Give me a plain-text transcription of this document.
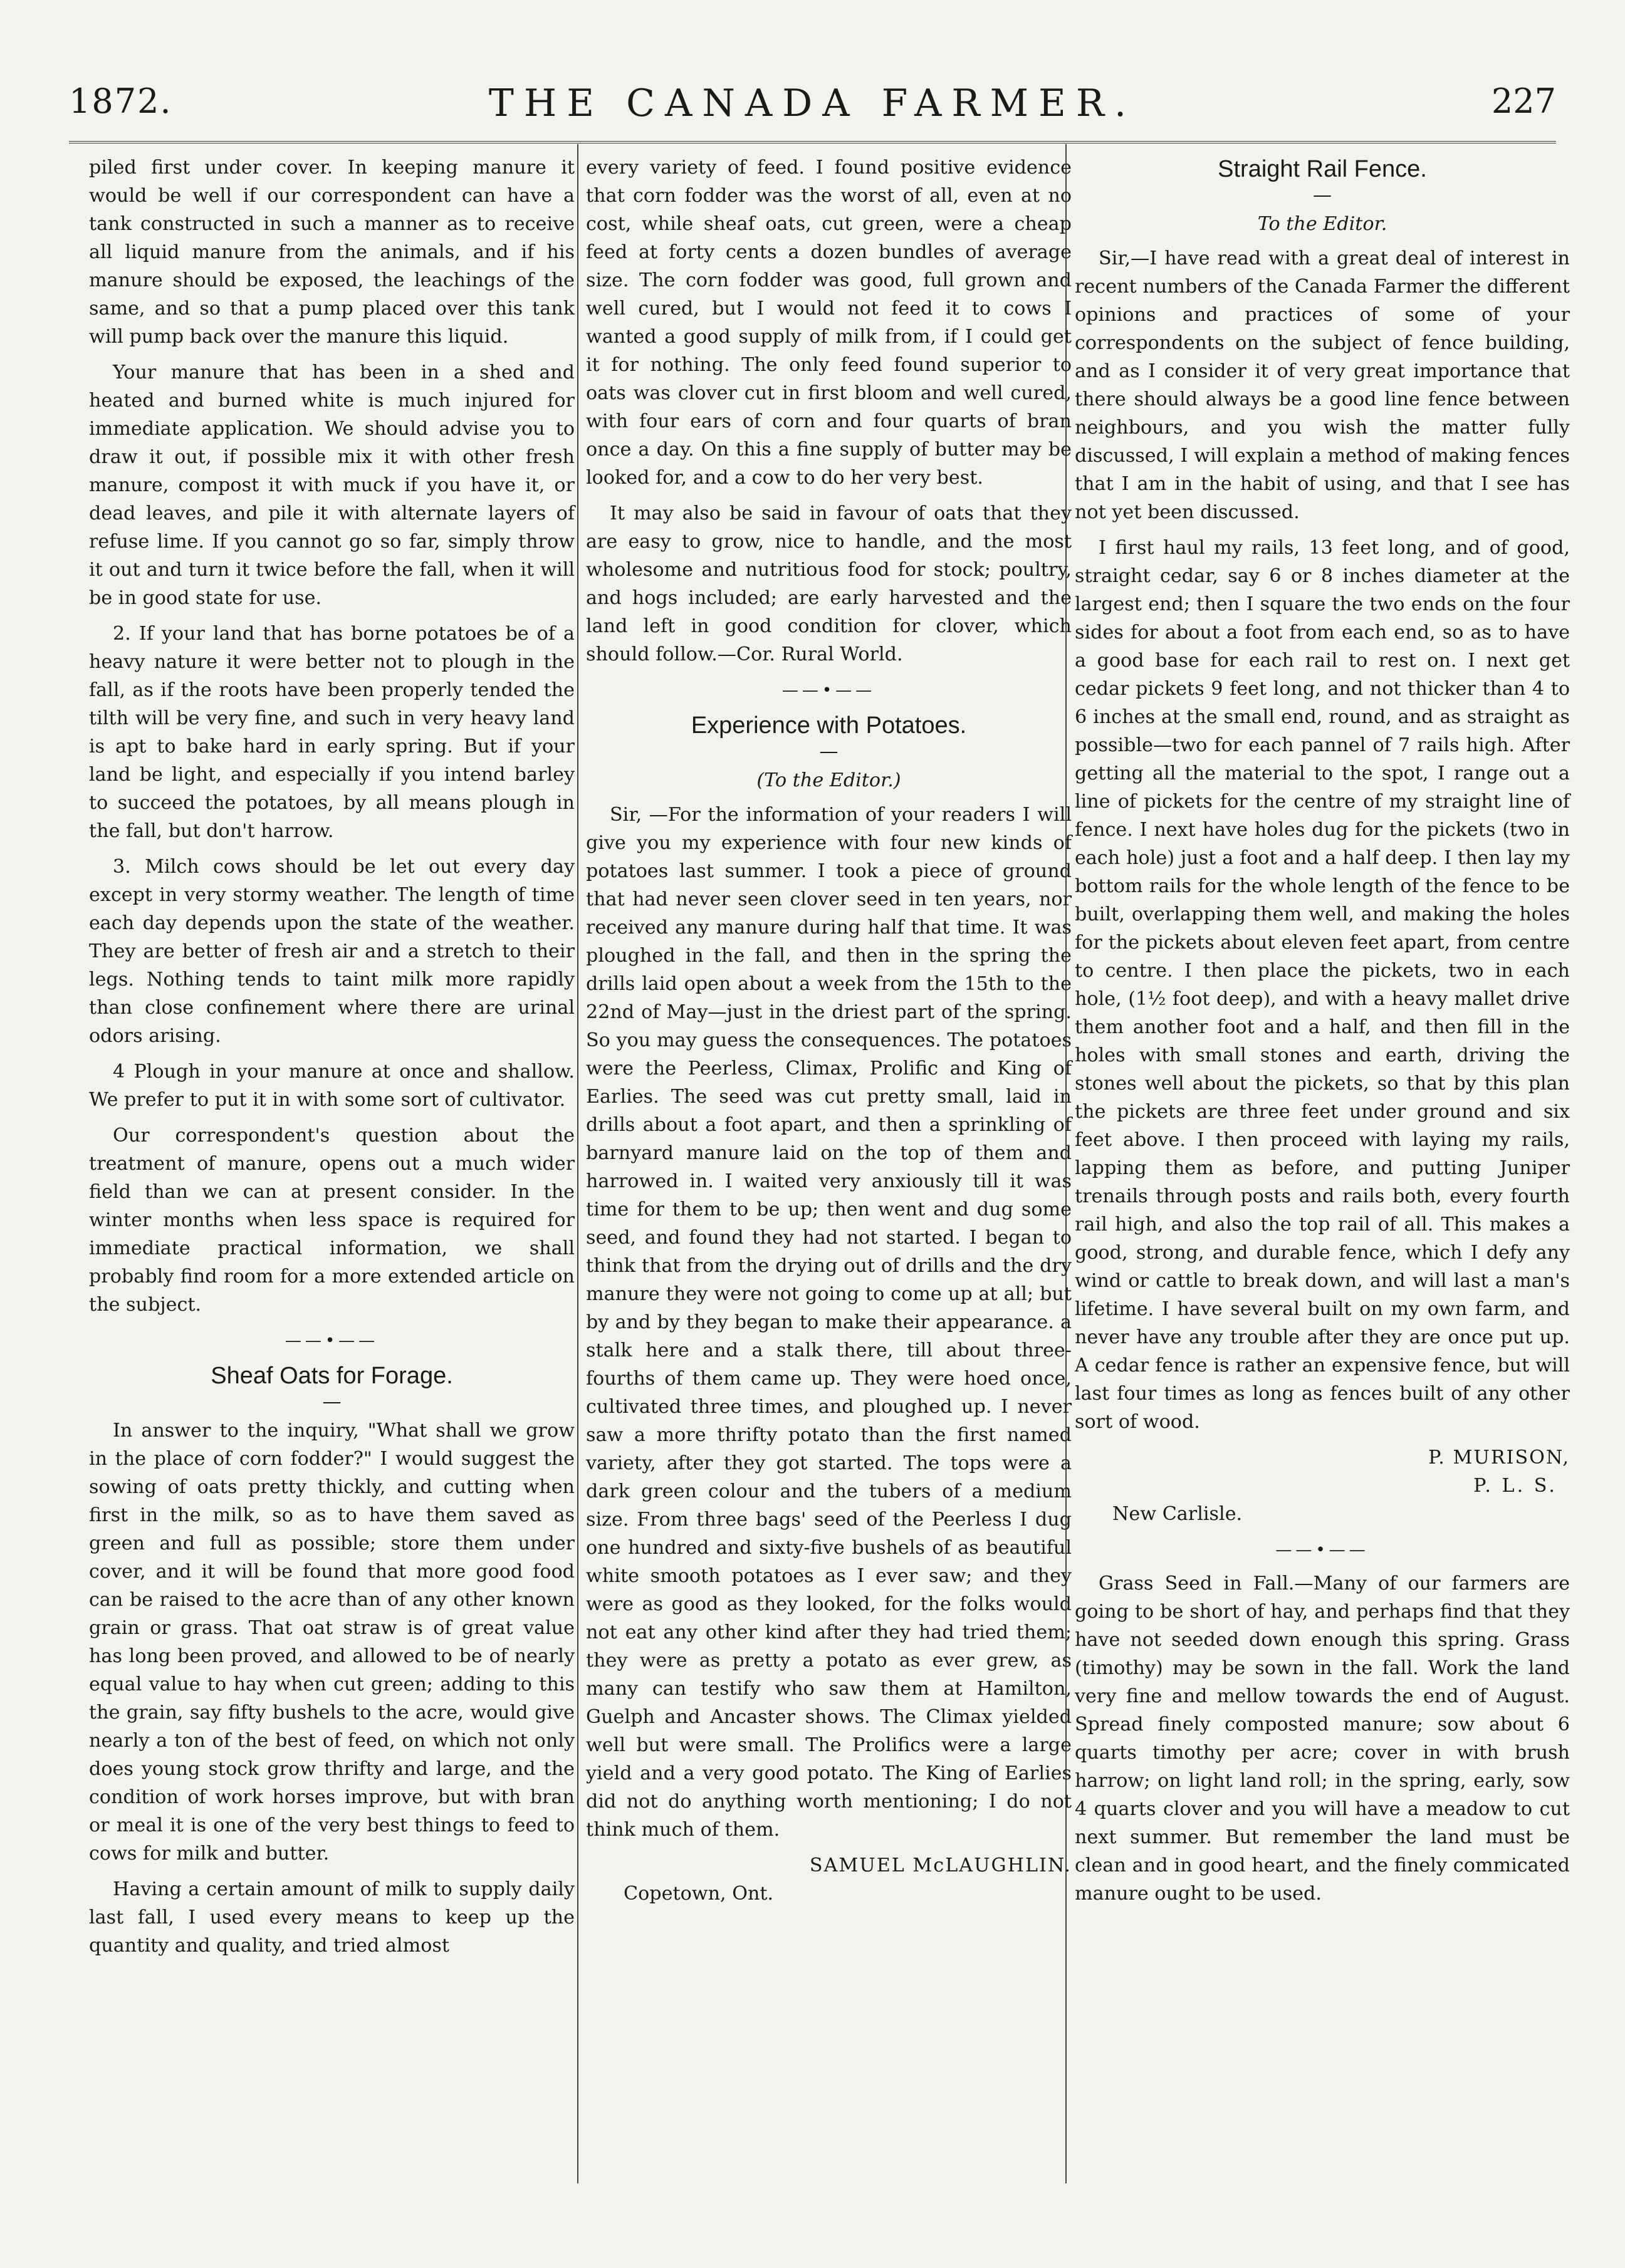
1872.	THE CANADA FARMER.	227

piled first under cover. In keeping manure it would be well if our correspondent can have a tank constructed in such a manner as to receive all liquid manure from the animals, and if his manure should be exposed, the leachings of the same, and so that a pump placed over this tank will pump back over the manure this liquid.

Your manure that has been in a shed and heated and burned white is much injured for immediate application. We should advise you to draw it out, if possible mix it with other fresh manure, compost it with muck if you have it, or dead leaves, and pile it with alternate layers of refuse lime. If you cannot go so far, simply throw it out and turn it twice before the fall, when it will be in good state for use.

2. If your land that has borne potatoes be of a heavy nature it were better not to plough in the fall, as if the roots have been properly tended the tilth will be very fine, and such in very heavy land is apt to bake hard in early spring. But if your land be light, and especially if you intend barley to succeed the potatoes, by all means plough in the fall, but don't harrow.

3. Milch cows should be let out every day except in very stormy weather. The length of time each day depends upon the state of the weather. They are better of fresh air and a stretch to their legs. Nothing tends to taint milk more rapidly than close confinement where there are urinal odors arising.

4 Plough in your manure at once and shallow. We prefer to put it in with some sort of cultivator.

Our correspondent's question about the treatment of manure, opens out a much wider field than we can at present consider. In the winter months when less space is required for immediate practical information, we shall probably find room for a more extended article on the subject.

——•——
Sheaf Oats for Forage.
—

In answer to the inquiry, "What shall we grow in the place of corn fodder?" I would suggest the sowing of oats pretty thickly, and cutting when first in the milk, so as to have them saved as green and full as possible; store them under cover, and it will be found that more good food can be raised to the acre than of any other known grain or grass. That oat straw is of great value has long been proved, and allowed to be of nearly equal value to hay when cut green; adding to this the grain, say fifty bushels to the acre, would give nearly a ton of the best of feed, on which not only does young stock grow thrifty and large, and the condition of work horses improve, but with bran or meal it is one of the very best things to feed to cows for milk and butter.

Having a certain amount of milk to supply daily last fall, I used every means to keep up the quantity and quality, and tried almost

every variety of feed. I found positive evidence that corn fodder was the worst of all, even at no cost, while sheaf oats, cut green, were a cheap feed at forty cents a dozen bundles of average size. The corn fodder was good, full grown and well cured, but I would not feed it to cows I wanted a good supply of milk from, if I could get it for nothing. The only feed found superior to oats was clover cut in first bloom and well cured, with four ears of corn and four quarts of bran once a day. On this a fine supply of butter may be looked for, and a cow to do her very best.

It may also be said in favour of oats that they are easy to grow, nice to handle, and the most wholesome and nutritious food for stock; poultry, and hogs included; are early harvested and the land left in good condition for clover, which should follow.—Cor. Rural World.

——•——
Experience with Potatoes.
—
(To the Editor.)

Sir, —For the information of your readers I will give you my experience with four new kinds of potatoes last summer. I took a piece of ground that had never seen clover seed in ten years, nor received any manure during half that time. It was ploughed in the fall, and then in the spring the drills laid open about a week from the 15th to the 22nd of May—just in the driest part of the spring. So you may guess the consequences. The potatoes were the Peerless, Climax, Prolific and King of Earlies. The seed was cut pretty small, laid in drills about a foot apart, and then a sprinkling of barnyard manure laid on the top of them and harrowed in. I waited very anxiously till it was time for them to be up; then went and dug some seed, and found they had not started. I began to think that from the drying out of drills and the dry manure they were not going to come up at all; but by and by they began to make their appearance. a stalk here and a stalk there, till about three-fourths of them came up. They were hoed once, cultivated three times, and ploughed up. I never saw a more thrifty potato than the first named variety, after they got started. The tops were a dark green colour and the tubers of a medium size. From three bags' seed of the Peerless I dug one hundred and sixty-five bushels of as beautiful white smooth potatoes as I ever saw; and they were as good as they looked, for the folks would not eat any other kind after they had tried them; they were as pretty a potato as ever grew, as many can testify who saw them at Hamilton, Guelph and Ancaster shows. The Climax yielded well but were small. The Prolifics were a large yield and a very good potato. The King of Earlies did not do anything worth mentioning; I do not think much of them.

SAMUEL McLAUGHLIN.

Copetown, Ont.

Straight Rail Fence.
—
To the Editor.

Sir,—I have read with a great deal of interest in recent numbers of the Canada Farmer the different opinions and practices of some of your correspondents on the subject of fence building, and as I consider it of very great importance that there should always be a good line fence between neighbours, and you wish the matter fully discussed, I will explain a method of making fences that I am in the habit of using, and that I see has not yet been discussed.

I first haul my rails, 13 feet long, and of good, straight cedar, say 6 or 8 inches diameter at the largest end; then I square the two ends on the four sides for about a foot from each end, so as to have a good base for each rail to rest on. I next get cedar pickets 9 feet long, and not thicker than 4 to 6 inches at the small end, round, and as straight as possible—two for each pannel of 7 rails high. After getting all the material to the spot, I range out a line of pickets for the centre of my straight line of fence. I next have holes dug for the pickets (two in each hole) just a foot and a half deep. I then lay my bottom rails for the whole length of the fence to be built, overlapping them well, and making the holes for the pickets about eleven feet apart, from centre to centre. I then place the pickets, two in each hole, (1½ foot deep), and with a heavy mallet drive them another foot and a half, and then fill in the holes with small stones and earth, driving the stones well about the pickets, so that by this plan the pickets are three feet under ground and six feet above. I then proceed with laying my rails, lapping them as before, and putting Juniper trenails through posts and rails both, every fourth rail high, and also the top rail of all. This makes a good, strong, and durable fence, which I defy any wind or cattle to break down, and will last a man's lifetime. I have several built on my own farm, and never have any trouble after they are once put up. A cedar fence is rather an expensive fence, but will last four times as long as fences built of any other sort of wood.

P. MURISON,

P. L. S.

New Carlisle.

——•——

Grass Seed in Fall.—Many of our farmers are going to be short of hay, and perhaps find that they have not seeded down enough this spring. Grass (timothy) may be sown in the fall. Work the land very fine and mellow towards the end of August. Spread finely composted manure; sow about 6 quarts timothy per acre; cover in with brush harrow; on light land roll; in the spring, early, sow 4 quarts clover and you will have a meadow to cut next summer. But remember the land must be clean and in good heart, and the finely commicated manure ought to be used.
